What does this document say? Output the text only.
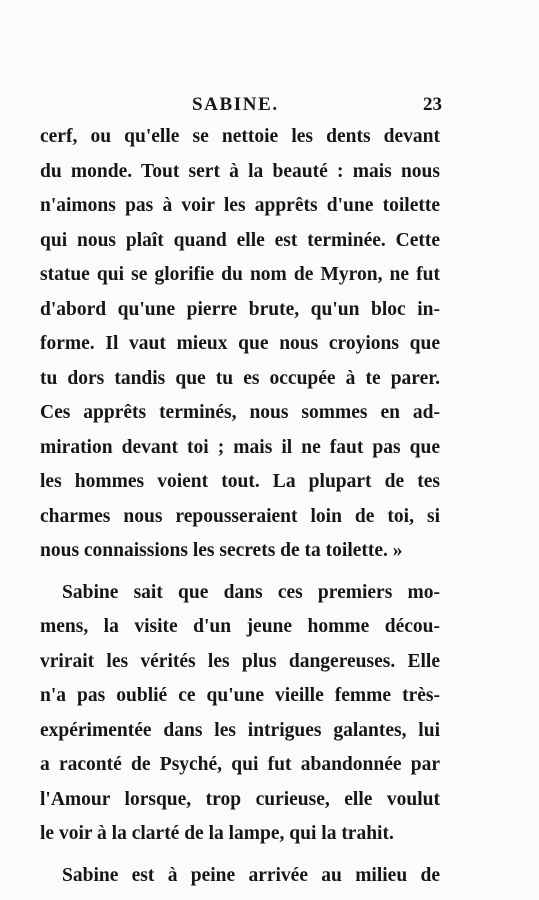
SABINE.	23
cerf, ou qu'elle se nettoie les dents devant
du monde. Tout sert à la beauté : mais nous
n'aimons pas à voir les apprêts d'une toilette
qui nous plaît quand elle est terminée. Cette
statue qui se glorifie du nom de Myron, ne fut
d'abord qu'une pierre brute, qu'un bloc in-
forme. Il vaut mieux que nous croyions que
tu dors tandis que tu es occupée à te parer.
Ces apprêts terminés, nous sommes en ad-
miration devant toi ; mais il ne faut pas que
les hommes voient tout. La plupart de tes
charmes nous repousseraient loin de toi, si
nous connaissions les secrets de ta toilette. »
Sabine sait que dans ces premiers mo-
mens, la visite d'un jeune homme décou-
vrirait les vérités les plus dangereuses. Elle
n'a pas oublié ce qu'une vieille femme très-
expérimentée dans les intrigues galantes, lui
a raconté de Psyché, qui fut abandonnée par
l'Amour lorsque, trop curieuse, elle voulut
le voir à la clarté de la lampe, qui la trahit.
Sabine est à peine arrivée au milieu de
